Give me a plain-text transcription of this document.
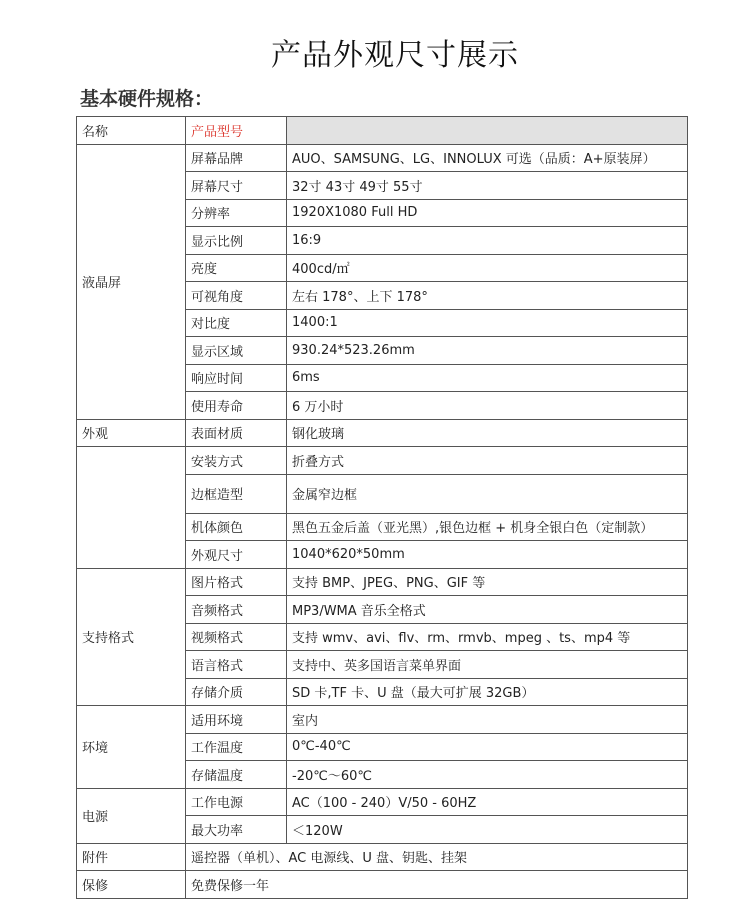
产品外观尺寸展示
基本硬件规格：
名称	产品型号	
液晶屏	屏幕品牌	AUO、SAMSUNG、LG、INNOLUX 可选（品质：A+原装屏）
	屏幕尺寸	32寸 43寸 49寸 55寸
	分辨率	1920X1080 Full HD
	显示比例	16:9
	亮度	400cd/㎡
	可视角度	左右 178°、上下 178°
	对比度	1400:1
	显示区域	930.24*523.26mm
	响应时间	6ms
	使用寿命	6 万小时
外观	表面材质	钢化玻璃
	安装方式	折叠方式
	边框造型	金属窄边框
	机体颜色	黑色五金后盖（亚光黑）,银色边框 + 机身全银白色（定制款）
	外观尺寸	1040*620*50mm
支持格式	图片格式	支持 BMP、JPEG、PNG、GIF 等
	音频格式	MP3/WMA 音乐全格式
	视频格式	支持 wmv、avi、flv、rm、rmvb、mpeg 、ts、mp4 等
	语言格式	支持中、英多国语言菜单界面
	存储介质	SD 卡,TF 卡、U 盘（最大可扩展 32GB）
环境	适用环境	室内
	工作温度	0℃-40℃
	存储温度	-20℃～60℃
电源	工作电源	AC（100 - 240）V/50 - 60HZ
	最大功率	＜120W
附件	遥控器（单机）、AC 电源线、U 盘、钥匙、挂架	
保修	免费保修一年	
